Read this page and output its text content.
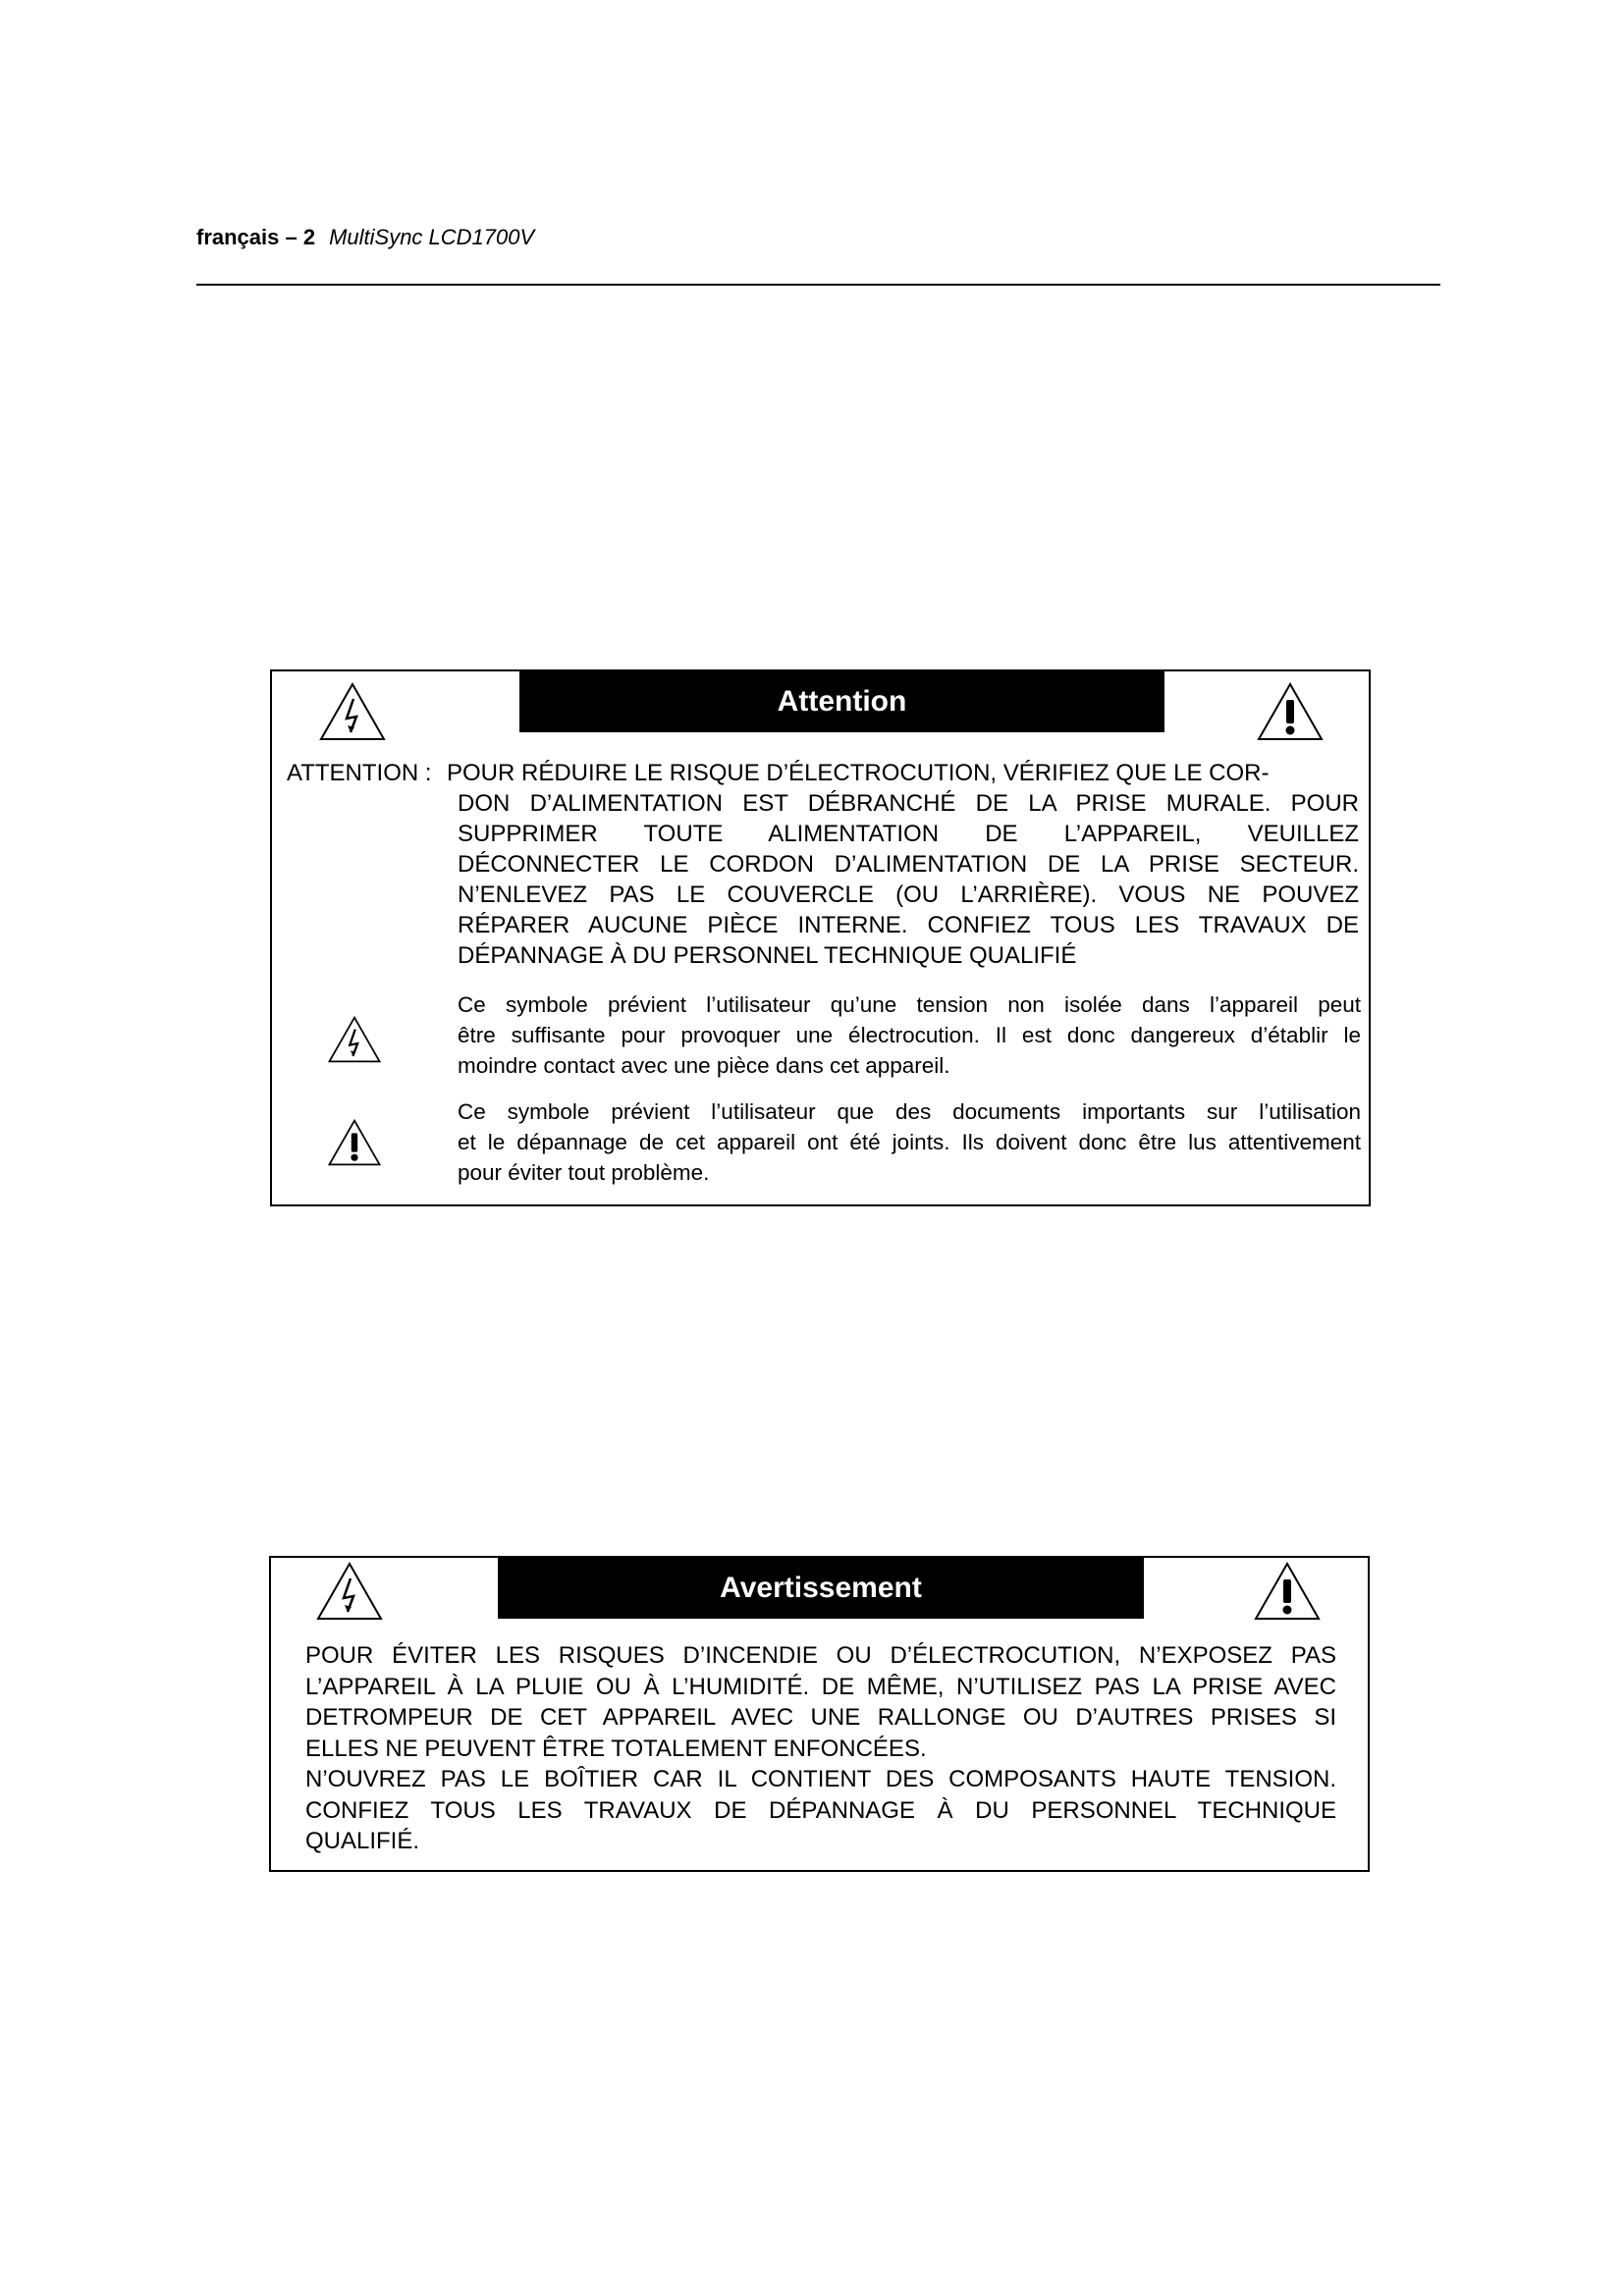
français – 2 MultiSync LCD1700V
Attention
ATTENTION : POUR RÉDUIRE LE RISQUE D’ÉLECTROCUTION, VÉRIFIEZ QUE LE COR-
DON D’ALIMENTATION EST DÉBRANCHÉ DE LA PRISE MURALE. POUR
SUPPRIMER TOUTE ALIMENTATION DE L’APPAREIL, VEUILLEZ
DÉCONNECTER LE CORDON D’ALIMENTATION DE LA PRISE SECTEUR.
N’ENLEVEZ PAS LE COUVERCLE (OU L’ARRIÈRE). VOUS NE POUVEZ
RÉPARER AUCUNE PIÈCE INTERNE. CONFIEZ TOUS LES TRAVAUX DE
DÉPANNAGE À DU PERSONNEL TECHNIQUE QUALIFIÉ
Ce symbole prévient l’utilisateur qu’une tension non isolée dans l’appareil peut
être suffisante pour provoquer une électrocution. Il est donc dangereux d’établir le
moindre contact avec une pièce dans cet appareil.
Ce symbole prévient l’utilisateur que des documents importants sur l’utilisation
et le dépannage de cet appareil ont été joints. Ils doivent donc être lus attentivement
pour éviter tout problème.
Avertissement
POUR ÉVITER LES RISQUES D’INCENDIE OU D’ÉLECTROCUTION, N’EXPOSEZ PAS
L’APPAREIL À LA PLUIE OU À L’HUMIDITÉ. DE MÊME, N’UTILISEZ PAS LA PRISE AVEC
DETROMPEUR DE CET APPAREIL AVEC UNE RALLONGE OU D’AUTRES PRISES SI
ELLES NE PEUVENT ÊTRE TOTALEMENT ENFONCÉES.
N’OUVREZ PAS LE BOÎTIER CAR IL CONTIENT DES COMPOSANTS HAUTE TENSION.
CONFIEZ TOUS LES TRAVAUX DE DÉPANNAGE À DU PERSONNEL TECHNIQUE
QUALIFIÉ.
